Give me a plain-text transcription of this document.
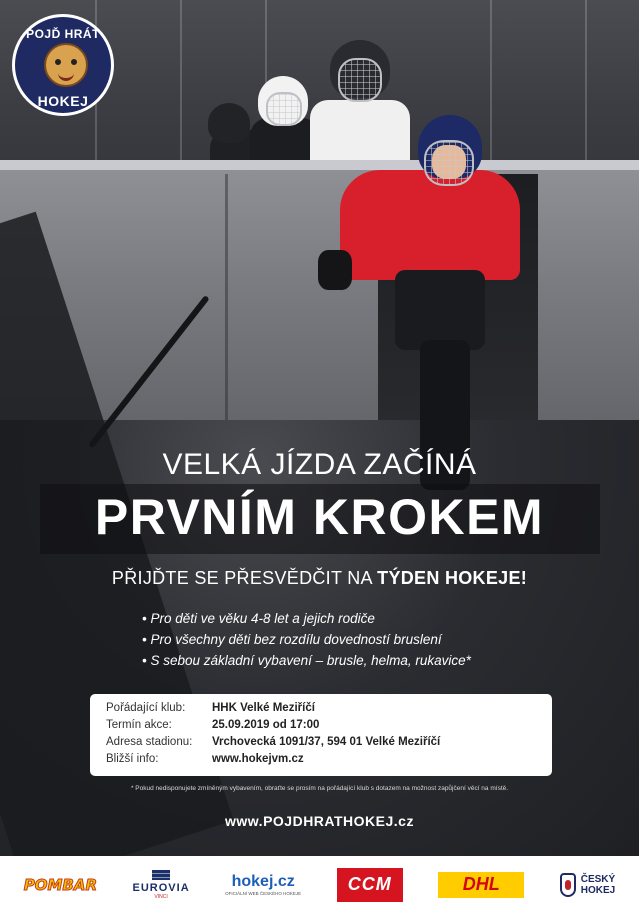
POJĎ HRÁT
HOKEJ
VELKÁ JÍZDA ZAČÍNÁ
PRVNÍM KROKEM
PŘIJĎTE SE PŘESVĚDČIT NA TÝDEN HOKEJE!
• Pro děti ve věku 4-8 let a jejich rodiče
• Pro všechny děti bez rozdílu dovedností bruslení
• S sebou základní vybavení – brusle, helma, rukavice*
Pořádající klub:	HHK Velké Meziříčí
Termín akce:	25.09.2019 od 17:00
Adresa stadionu:	Vrchovecká 1091/37, 594 01 Velké Meziříčí
Bližší info:	www.hokejvm.cz
* Pokud nedisponujete zmíněným vybavením, obraťte se prosím na pořádající klub s dotazem na možnost zapůjčení věcí na místě.
www.POJDHRATHOKEJ.cz
POMBAR	EUROVIA
VINCI
hokej.cz
OFICIÁLNÍ WEB ČESKÉHO HOKEJE	CCM	DHL	ČESKÝ
HOKEJ
